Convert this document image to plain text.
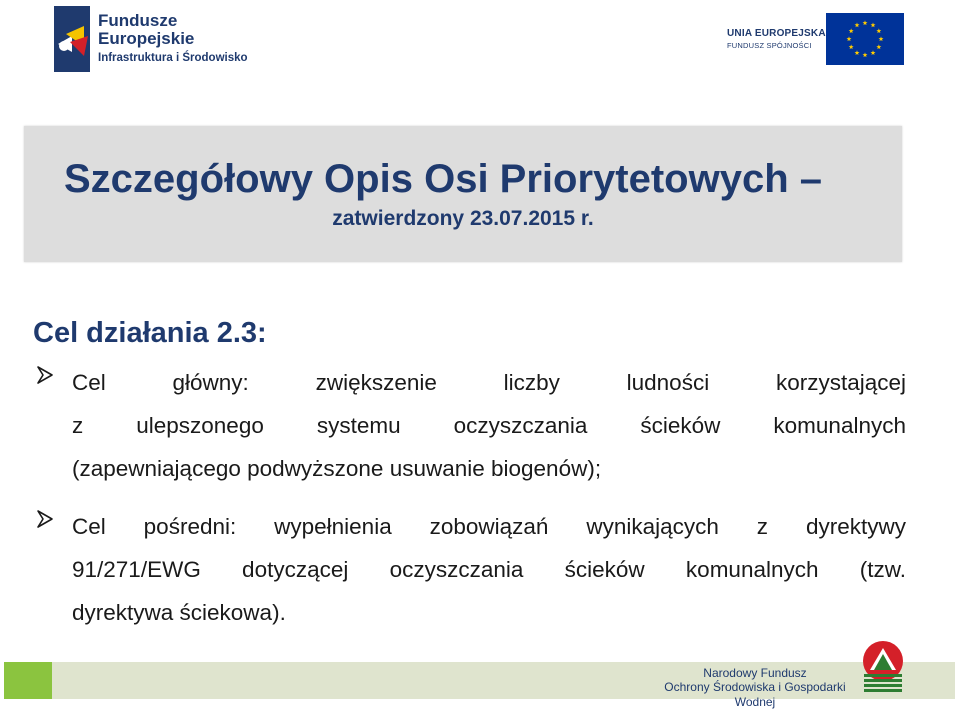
Fundusze
Europejskie
Infrastruktura i Środowisko
UNIA EUROPEJSKA
FUNDUSZ SPÓJNOŚCI
Szczegółowy Opis Osi Priorytetowych –
zatwierdzony 23.07.2015 r.
Cel działania 2.3:
Cel główny: zwiększenie liczby ludności korzystającej
z ulepszonego systemu oczyszczania ścieków komunalnych
(zapewniającego podwyższone usuwanie biogenów);
Cel pośredni: wypełnienia zobowiązań wynikających z dyrektywy
91/271/EWG dotyczącej oczyszczania ścieków komunalnych (tzw.
dyrektywa ściekowa).
Narodowy Fundusz
Ochrony Środowiska i Gospodarki Wodnej
